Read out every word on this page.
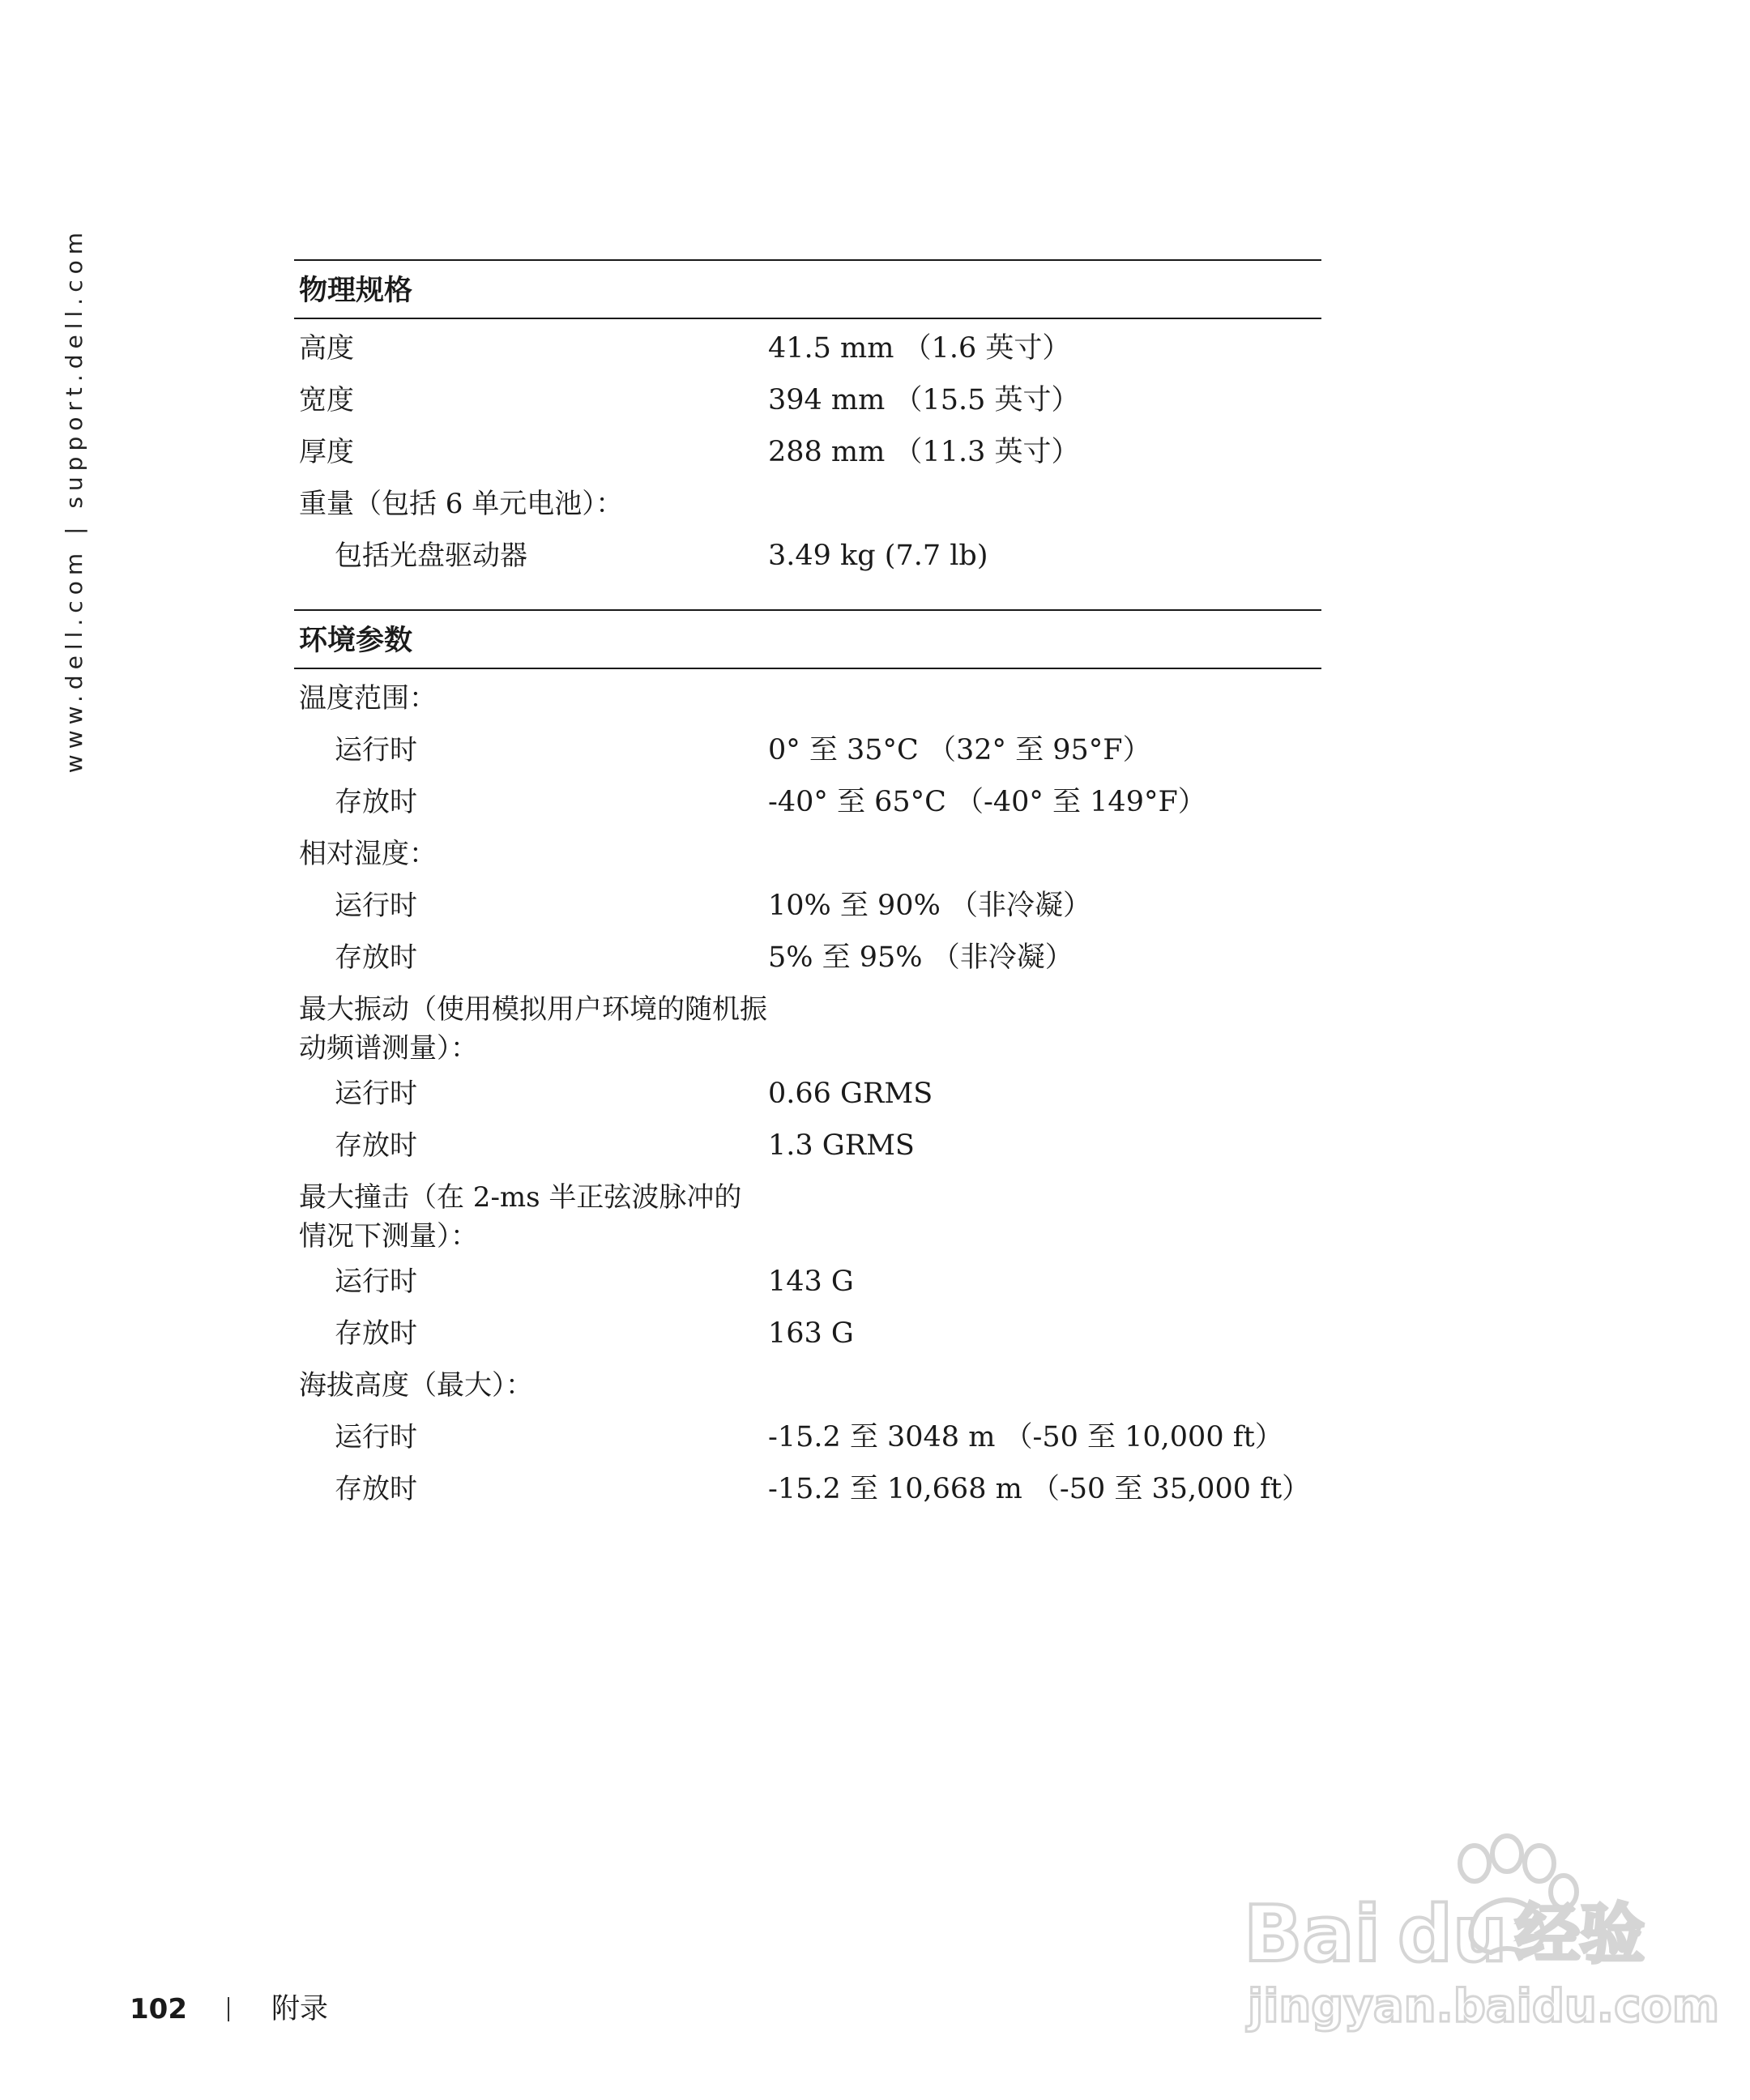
www.dell.com | support.dell.com	物理规格
高度	41.5 mm （1.6 英寸）
宽度	394 mm （15.5 英寸）
厚度	288 mm （11.3 英寸）
重量（包括 6 单元电池）：
包括光盘驱动器	3.49 kg (7.7 lb)
环境参数
温度范围：
运行时	0° 至 35°C （32° 至 95°F）
存放时	-40° 至 65°C （-40° 至 149°F）
相对湿度：
运行时	10% 至 90% （非冷凝）
存放时	5% 至 95% （非冷凝）
最大振动（使用模拟用户环境的随机振动频谱测量）：
运行时	0.66 GRMS
存放时	1.3 GRMS
最大撞击（在 2-ms 半正弦波脉冲的情况下测量）：
运行时	143 G
存放时	163 G
海拔高度（最大）：
运行时	-15.2 至 3048 m （-50 至 10,000 ft）
存放时	-15.2 至 10,668 m （-50 至 35,000 ft）
102	附录
Bai du 经验
jingyan.baidu.com
